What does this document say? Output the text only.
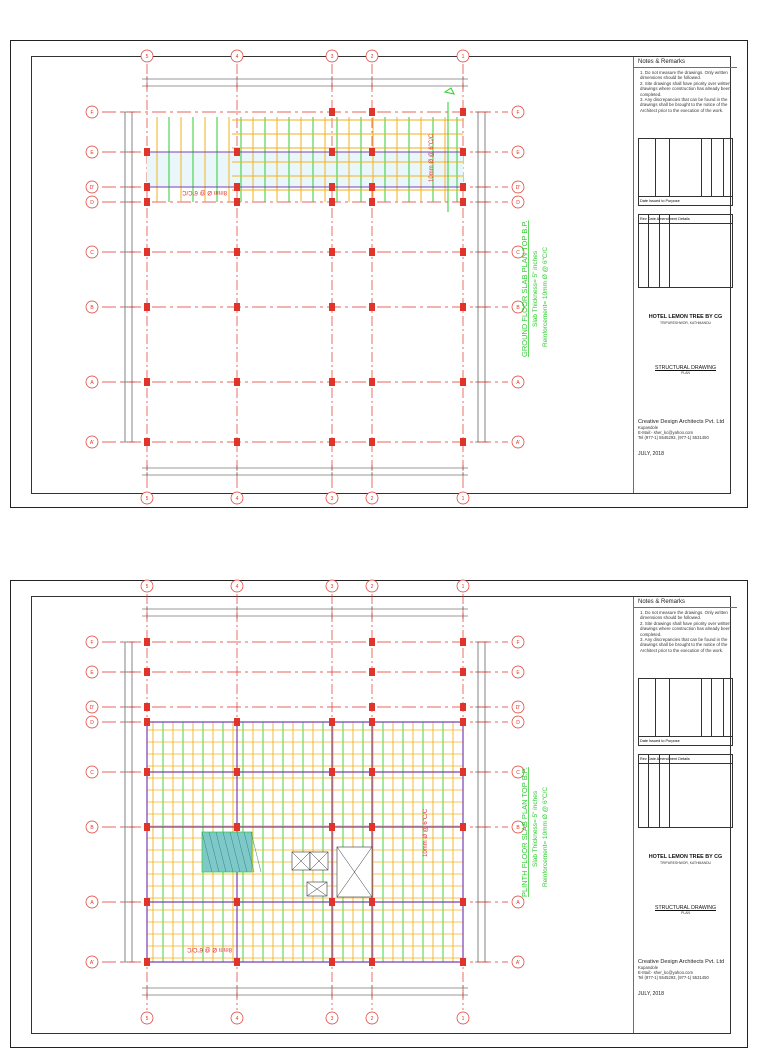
5
5
4
4
3
3
2
2
1
1
F	F
E	E
D'	D'
D	D
C	C
B	B
A	A
A'	A'
8mm Ø @ 6"C/C
10mm Ø @ 6"C/C
GROUND FLOOR SLAB PLAN TOP B.P. Slab Thickness= 5" inches Reinforcement= 10mm Ø @ 6"C/C
Notes & Remarks
1. Do not measure the drawings. Only written dimensions should be followed.
2. Site drawings shall have priority over written drawings where construction has already been completed.
3. Any discrepancies that can be found in the drawings shall be brought to the notice of the Architect prior to the execution of the work.
Date Issued to Purpose
Rev Date Amendment Details
HOTEL LEMON TREE BY CG
TRIPURESHWOR, KATHMANDU
STRUCTURAL DRAWING
PLAN
Creative Design Architects Pvt. Ltd
Kupandole
E-Mail:- sher_kc@yahoo.com
Tel (977-1) 5545293, (977-1) 5531450
JULY, 2018
5
5
4
4
3
3
2
2
1
1
F	F
E	E
D'	D'
D	D
C	C
B	B
A	A
A'	A'
8mm Ø @ 6"C/C
10mm Ø @ 6"C/C	PLINTH FLOOR SLAB PLAN TOP B.P. Slab Thickness= 5" inches Reinforcement= 10mm Ø @ 6"C/C
Notes & Remarks
1. Do not measure the drawings. Only written dimensions should be followed.
2. Site drawings shall have priority over written drawings where construction has already been completed.
3. Any discrepancies that can be found in the drawings shall be brought to the notice of the Architect prior to the execution of the work.
Date Issued to Purpose
Rev Date Amendment Details
HOTEL LEMON TREE BY CG
TRIPURESHWOR, KATHMANDU
STRUCTURAL DRAWING
PLAN
Creative Design Architects Pvt. Ltd
Kupandole
E-Mail:- sher_kc@yahoo.com
Tel (977-1) 5545293, (977-1) 5531450
JULY, 2018
